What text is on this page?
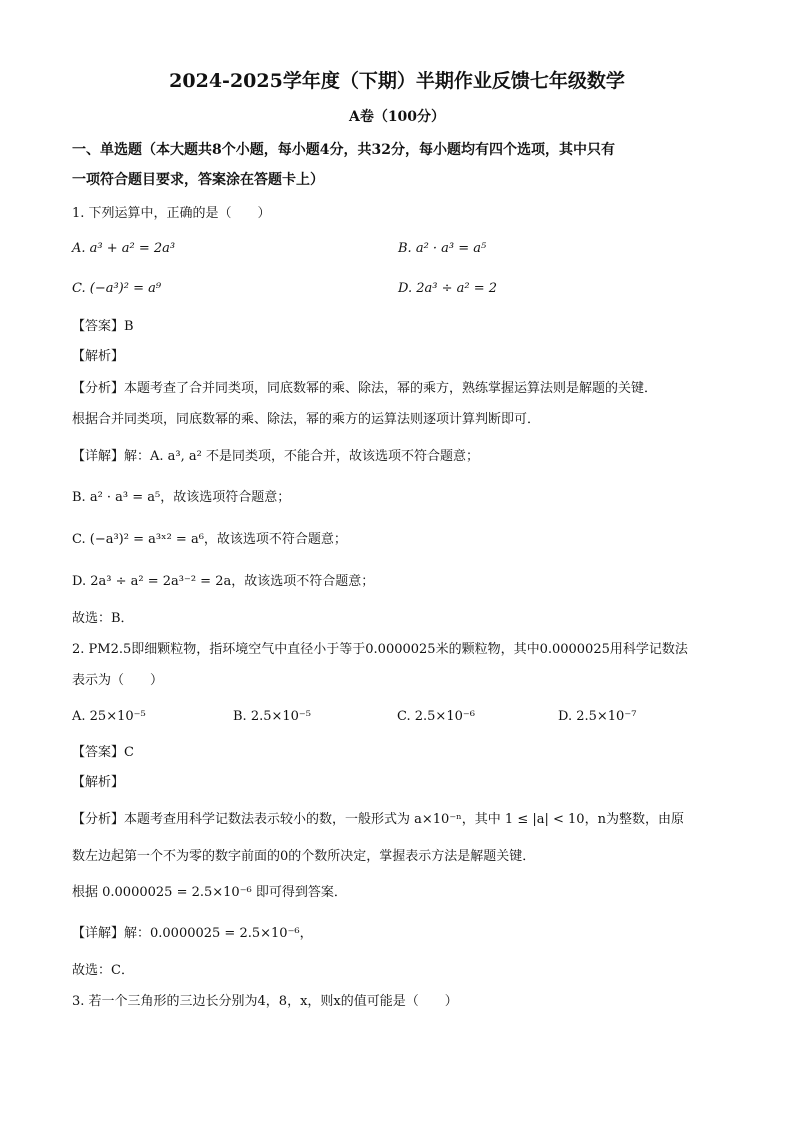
2024-2025学年度（下期）半期作业反馈七年级数学
A卷（100分）
一、单选题（本大题共8个小题，每小题4分，共32分，每小题均有四个选项，其中只有
一项符合题目要求，答案涂在答题卡上）
1. 下列运算中，正确的是（　　）
A. a³ + a² = 2a³	B. a² · a³ = a⁵
C. (−a³)² = a⁹	D. 2a³ ÷ a² = 2
【答案】B
【解析】
【分析】本题考查了合并同类项，同底数幂的乘、除法，幂的乘方，熟练掌握运算法则是解题的关键．
根据合并同类项，同底数幂的乘、除法，幂的乘方的运算法则逐项计算判断即可．
【详解】解：A. a³, a² 不是同类项，不能合并，故该选项不符合题意；
B. a² · a³ = a⁵，故该选项符合题意；
C. (−a³)² = a³ˣ² = a⁶，故该选项不符合题意；
D. 2a³ ÷ a² = 2a³⁻² = 2a，故该选项不符合题意；
故选：B．
2. PM2.5即细颗粒物，指环境空气中直径小于等于0.0000025米的颗粒物，其中0.0000025用科学记数法
表示为（　　）
A. 25×10⁻⁵	B. 2.5×10⁻⁵	C. 2.5×10⁻⁶	D. 2.5×10⁻⁷
【答案】C
【解析】
【分析】本题考查用科学记数法表示较小的数，一般形式为 a×10⁻ⁿ，其中 1 ≤ |a| < 10，n为整数，由原
数左边起第一个不为零的数字前面的0的个数所决定，掌握表示方法是解题关键．
根据 0.0000025 = 2.5×10⁻⁶ 即可得到答案．
【详解】解：0.0000025 = 2.5×10⁻⁶，
故选：C．
3. 若一个三角形的三边长分别为4，8，x，则x的值可能是（　　）
